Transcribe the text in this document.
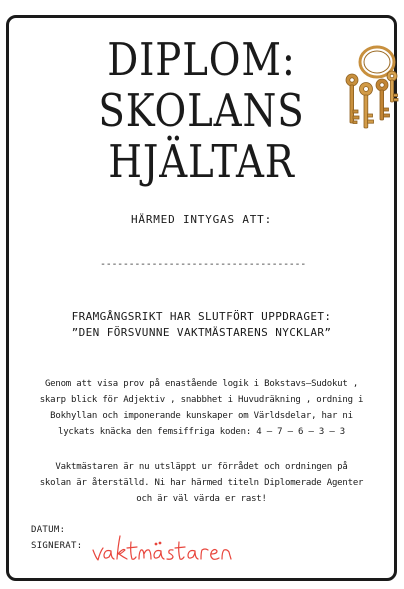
DIPLOM:
SKOLANS
HJÄLTAR
HÄRMED INTYGAS ATT:
------------------------------------
FRAMGÅNGSRIKT HAR SLUTFÖRT UPPDRAGET:
”DEN FÖRSVUNNE VAKTMÄSTARENS NYCKLAR”
Genom att visa prov på enastående logik i Bokstavs–Sudokut ,
skarp blick för Adjektiv , snabbhet i Huvudräkning , ordning i
Bokhyllan och imponerande kunskaper om Världsdelar, har ni
lyckats knäcka den femsiffriga koden: 4 — 7 — 6 — 3 — 3
Vaktmästaren är nu utsläppt ur förrådet och ordningen på
skolan är återställd. Ni har härmed titeln Diplomerade Agenter
och är väl värda er rast!
DATUM:
SIGNERAT:
